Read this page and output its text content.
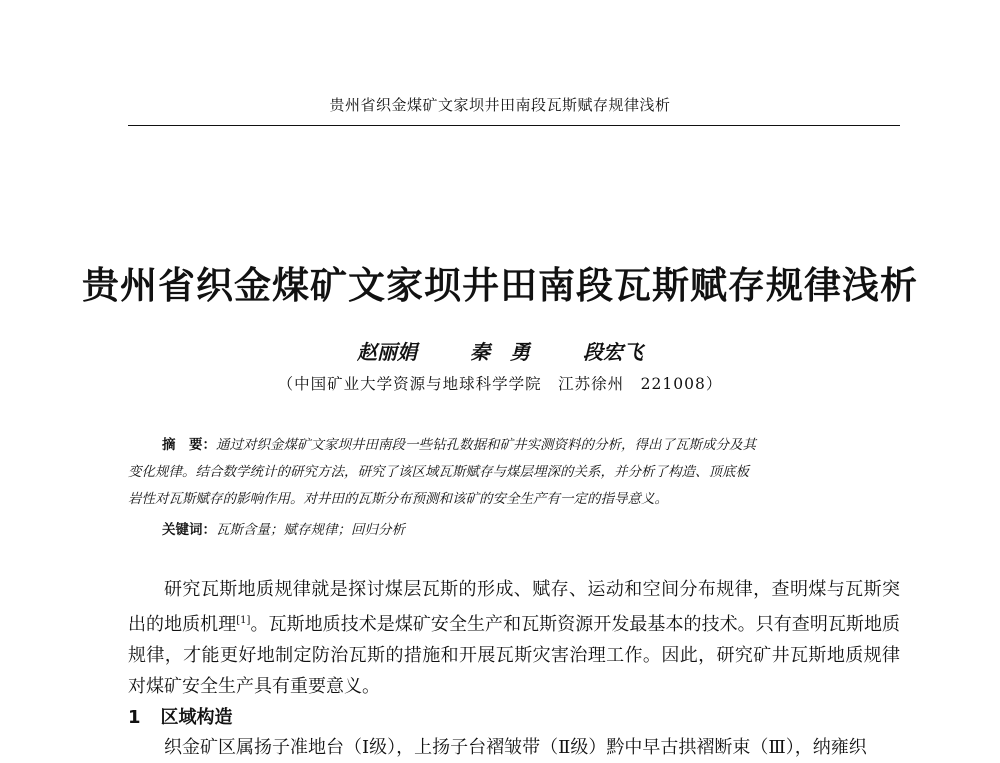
贵州省织金煤矿文家坝井田南段瓦斯赋存规律浅析
贵州省织金煤矿文家坝井田南段瓦斯赋存规律浅析
赵丽娟	秦　勇	段宏飞
（中国矿业大学资源与地球科学学院　江苏徐州　221008）
摘　要：通过对织金煤矿文家坝井田南段一些钻孔数据和矿井实测资料的分析，得出了瓦斯成分及其
变化规律。结合数学统计的研究方法，研究了该区域瓦斯赋存与煤层埋深的关系，并分析了构造、顶底板
岩性对瓦斯赋存的影响作用。对井田的瓦斯分布预测和该矿的安全生产有一定的指导意义。
关键词：瓦斯含量；赋存规律；回归分析

研究瓦斯地质规律就是探讨煤层瓦斯的形成、赋存、运动和空间分布规律，查明煤与瓦斯突出的地质机理[1]。瓦斯地质技术是煤矿安全生产和瓦斯资源开发最基本的技术。只有查明瓦斯地质规律，才能更好地制定防治瓦斯的措施和开展瓦斯灾害治理工作。因此，研究矿井瓦斯地质规律对煤矿安全生产具有重要意义。

1 区域构造
织金矿区属扬子准地台（Ⅰ级），上扬子台褶皱带（Ⅱ级）黔中早古拱褶断束（Ⅲ），纳雍织
